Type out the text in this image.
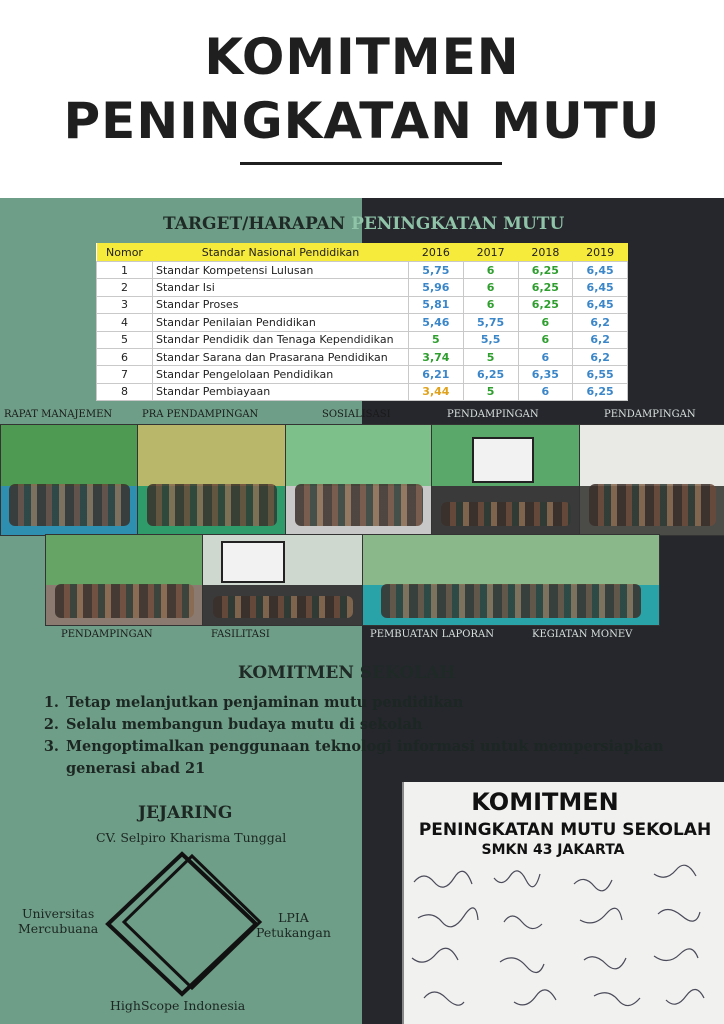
KOMITMEN
PENINGKATAN MUTU
TARGET/HARAPAN PENINGKATAN MUTU
Nomor	Standar Nasional Pendidikan	2016	2017	2018	2019
1	Standar Kompetensi Lulusan	5,75	6	6,25	6,45
2	Standar Isi	5,96	6	6,25	6,45
3	Standar Proses	5,81	6	6,25	6,45
4	Standar Penilaian Pendidikan	5,46	5,75	6	6,2
5	Standar Pendidik dan Tenaga Kependidikan	5	5,5	6	6,2
6	Standar Sarana dan Prasarana Pendidikan	3,74	5	6	6,2
7	Standar Pengelolaan Pendidikan	6,21	6,25	6,35	6,55
8	Standar Pembiayaan	3,44	5	6	6,25
RAPAT MANAJEMEN	PRA PENDAMPINGAN	SOSIALISASI	PENDAMPINGAN	PENDAMPINGAN
PENDAMPINGAN	FASILITASI	PEMBUATAN LAPORAN	KEGIATAN MONEV
KOMITMEN SEKOLAH
1. Tetap melanjutkan penjaminan mutu pendidikan
2. Selalu membangun budaya mutu di sekolah
3. Mengoptimalkan penggunaan teknologi informasi untuk mempersiapkan generasi abad 21
JEJARING
CV. Selpiro Kharisma Tunggal
Universitas
Mercubuana
LPIA
Petukangan
HighScope Indonesia
KOMITMEN
PENINGKATAN MUTU SEKOLAH
SMKN 43 JAKARTA
